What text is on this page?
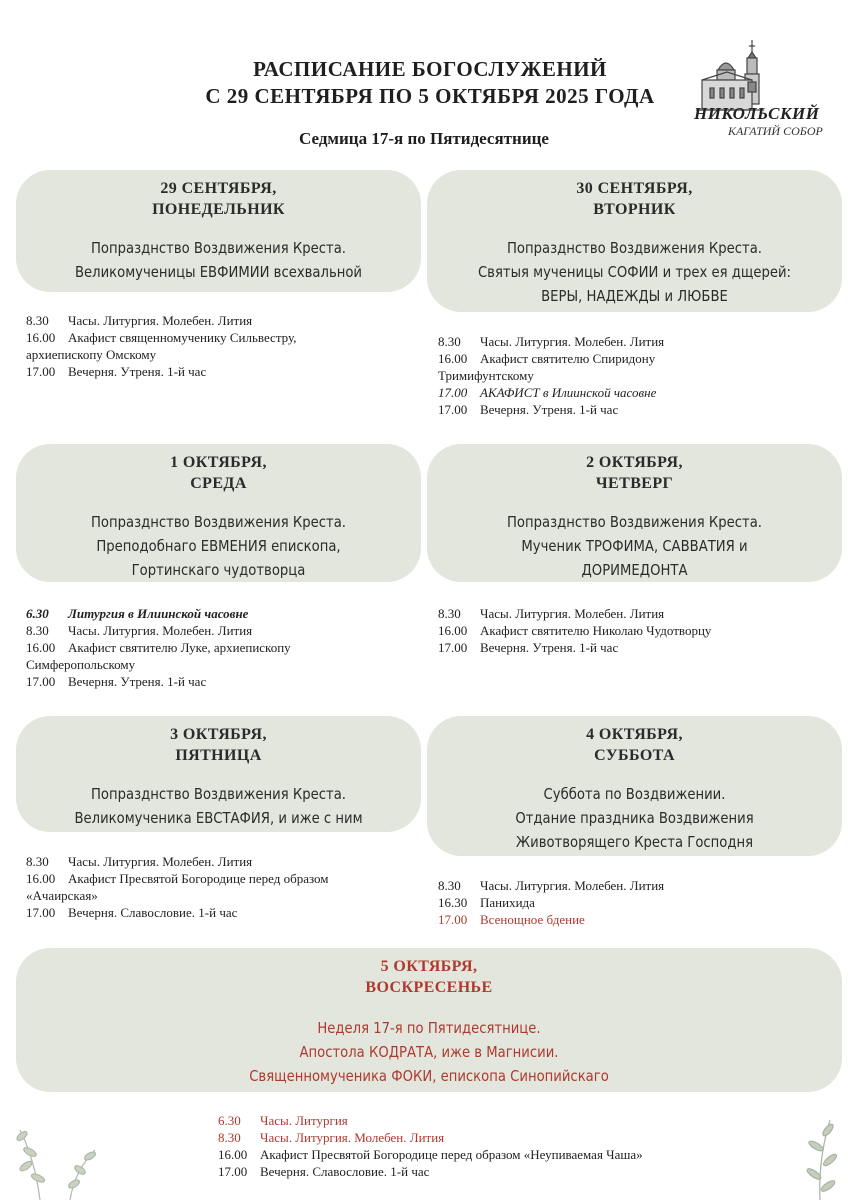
РАСПИСАНИЕ БОГОСЛУЖЕНИЙ
С 29 СЕНТЯБРЯ ПО 5 ОКТЯБРЯ 2025 ГОДА
Седмица 17-я по Пятидесятнице
НИКОЛЬСКИЙ
КАГАТИЙ СОБОР
29 СЕНТЯБРЯ,
ПОНЕДЕЛЬНИК
Попразднство Воздвижения Креста.
Великомученицы ЕВФИМИИ всехвальной
8.30 Часы. Литургия. Молебен. Лития
16.00 Акафист священномученику Сильвестру,
архиепископу Омскому
17.00 Вечерня. Утреня. 1-й час
30 СЕНТЯБРЯ,
ВТОРНИК
Попразднство Воздвижения Креста.
Святыя мученицы СОФИИ и трех ея дщерей:
ВЕРЫ, НАДЕЖДЫ и ЛЮБВЕ
8.30 Часы. Литургия. Молебен. Лития
16.00 Акафист святителю Спиридону
Тримифунтскому
17.00 АКАФИСТ в Илиинской часовне
17.00 Вечерня. Утреня. 1-й час
1 ОКТЯБРЯ,
СРЕДА
Попразднство Воздвижения Креста.
Преподобнаго ЕВМЕНИЯ епископа,
Гортинскаго чудотворца
6.30 Литургия в Илиинской часовне
8.30 Часы. Литургия. Молебен. Лития
16.00 Акафист святителю Луке, архиепископу
Симферопольскому
17.00 Вечерня. Утреня. 1-й час
2 ОКТЯБРЯ,
ЧЕТВЕРГ
Попразднство Воздвижения Креста.
Мученик ТРОФИМА, САВВАТИЯ и
ДОРИМЕДОНТА
8.30 Часы. Литургия. Молебен. Лития
16.00 Акафист святителю Николаю Чудотворцу
17.00 Вечерня. Утреня. 1-й час
3 ОКТЯБРЯ,
ПЯТНИЦА
Попразднство Воздвижения Креста.
Великомученика ЕВСТАФИЯ, и иже с ним
8.30 Часы. Литургия. Молебен. Лития
16.00 Акафист Пресвятой Богородице перед образом
«Ачаирская»
17.00 Вечерня. Славословие. 1-й час
4 ОКТЯБРЯ,
СУББОТА
Суббота по Воздвижении.
Отдание праздника Воздвижения
Животворящего Креста Господня
8.30 Часы. Литургия. Молебен. Лития
16.30 Панихида
17.00 Всенощное бдение
5 ОКТЯБРЯ,
ВОСКРЕСЕНЬЕ
Неделя 17-я по Пятидесятнице.
Апостола КОДРАТА, иже в Магнисии.
Священномученика ФОКИ, епископа Синопийскаго
6.30 Часы. Литургия
8.30 Часы. Литургия. Молебен. Лития
16.00 Акафист Пресвятой Богородице перед образом «Неупиваемая Чаша»
17.00 Вечерня. Славословие. 1-й час
